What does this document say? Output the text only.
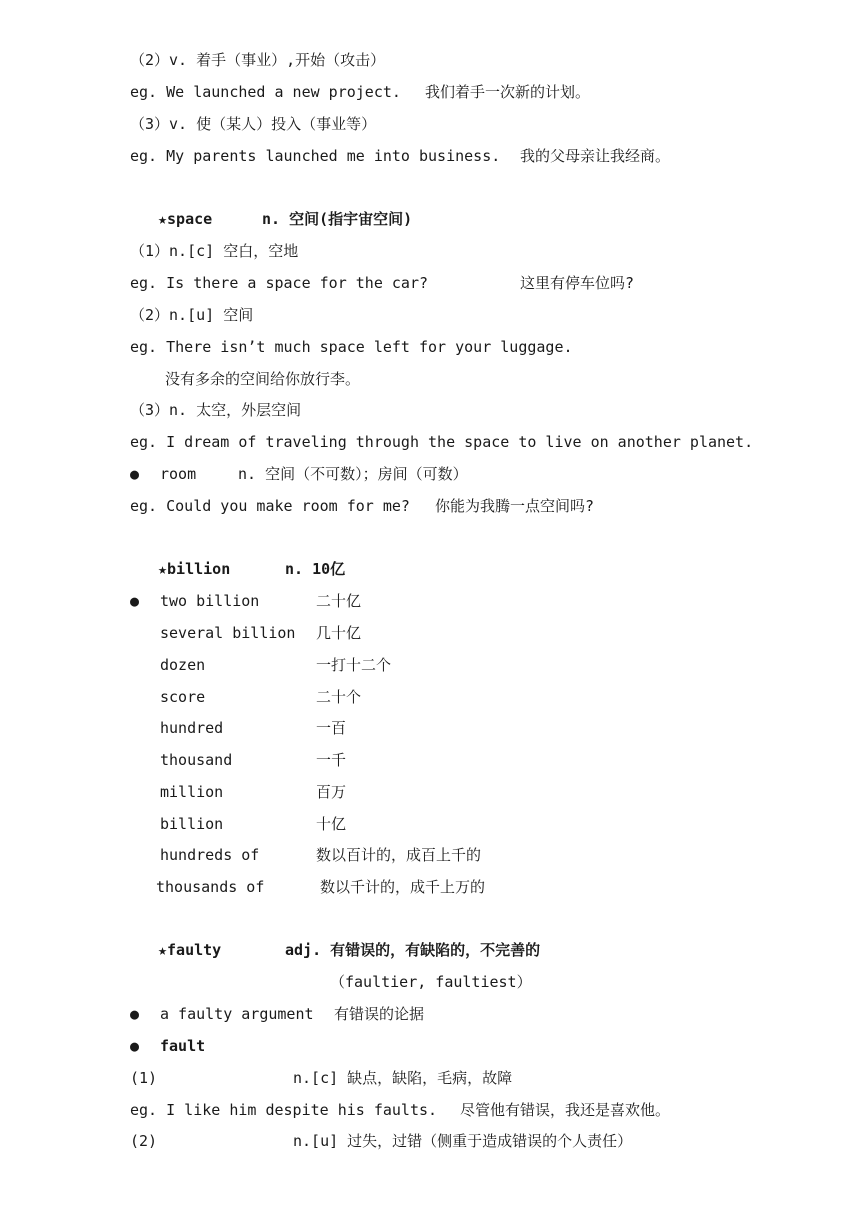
（2）v. 着手（事业）,开始（攻击）
eg. We launched a new project. 我们着手一次新的计划。
（3）v. 使（某人）投入（事业等）
eg. My parents launched me into business. 我的父母亲让我经商。
★space	n. 空间(指宇宙空间)
（1）n.[c] 空白，空地
eg. Is there a space for the car?	这里有停车位吗?
（2）n.[u] 空间
eg. There isn’t much space left for your luggage.
没有多余的空间给你放行李。
（3）n. 太空，外层空间
eg. I dream of traveling through the space to live on another planet.
● room	n. 空间（不可数）；房间（可数）
eg. Could you make room for me? 你能为我腾一点空间吗?
★billion	n. 10亿
● two billion	二十亿
several billion 几十亿
dozen	一打十二个
score	二十个
hundred	一百
thousand	一千
million	百万
billion	十亿
hundreds of	数以百计的，成百上千的
thousands of	数以千计的，成千上万的
★faulty	adj. 有错误的，有缺陷的，不完善的
（faultier, faultiest）
● a faulty argument 有错误的论据
● fault
(1)	n.[c] 缺点，缺陷，毛病，故障
eg. I like him despite his faults. 尽管他有错误，我还是喜欢他。
(2)	n.[u] 过失，过错（侧重于造成错误的个人责任）
